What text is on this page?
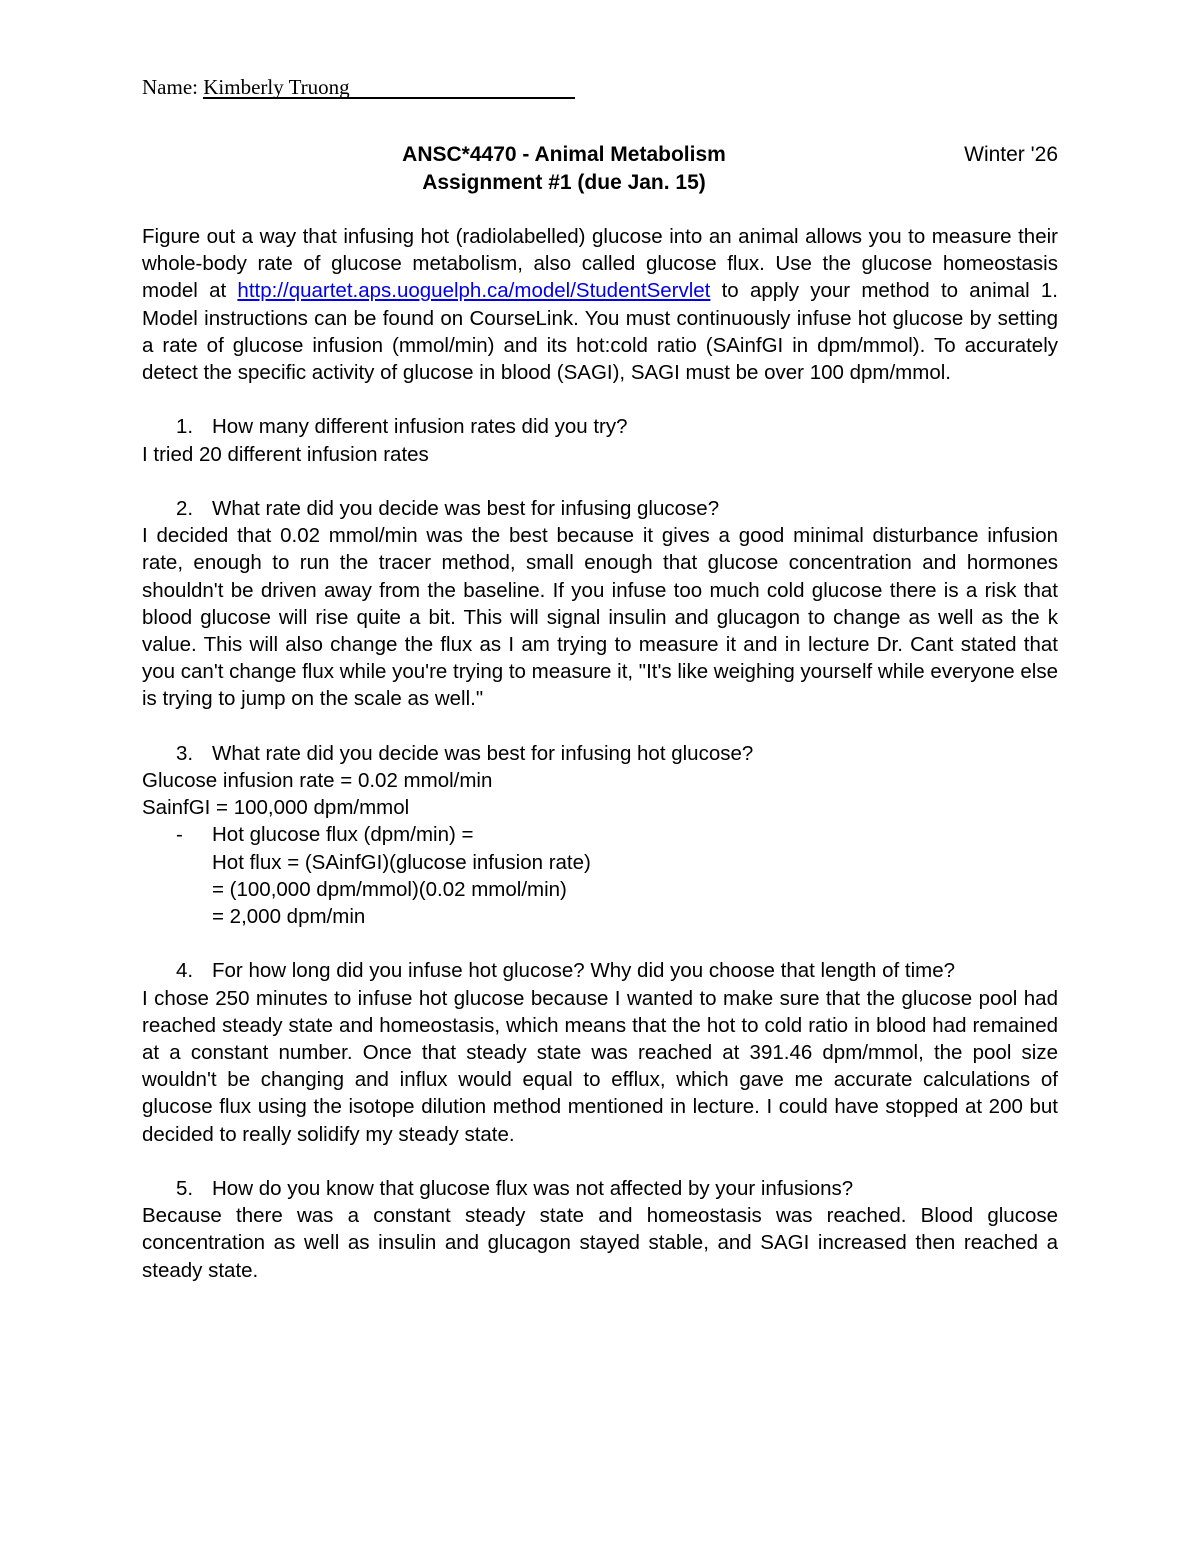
Name: Kimberly Truong
ANSC*4470 - Animal Metabolism	Winter '26
Assignment #1 (due Jan. 15)

Figure out a way that infusing hot (radiolabelled) glucose into an animal allows you to measure their whole-body rate of glucose metabolism, also called glucose flux. Use the glucose homeostasis model at http://quartet.aps.uoguelph.ca/model/StudentServlet to apply your method to animal 1. Model instructions can be found on CourseLink. You must continuously infuse hot glucose by setting a rate of glucose infusion (mmol/min) and its hot:cold ratio (SAinfGI in dpm/mmol). To accurately detect the specific activity of glucose in blood (SAGI), SAGI must be over 100 dpm/mmol.

1. How many different infusion rates did you try?

I tried 20 different infusion rates

2. What rate did you decide was best for infusing glucose?

I decided that 0.02 mmol/min was the best because it gives a good minimal disturbance infusion rate, enough to run the tracer method, small enough that glucose concentration and hormones shouldn't be driven away from the baseline. If you infuse too much cold glucose there is a risk that blood glucose will rise quite a bit. This will signal insulin and glucagon to change as well as the k value. This will also change the flux as I am trying to measure it and in lecture Dr. Cant stated that you can't change flux while you're trying to measure it, "It's like weighing yourself while everyone else is trying to jump on the scale as well."

3. What rate did you decide was best for infusing hot glucose?
Glucose infusion rate = 0.02 mmol/min
SainfGI = 100,000 dpm/mmol
-	Hot glucose flux (dpm/min) =
Hot flux = (SAinfGI)(glucose infusion rate)
= (100,000 dpm/mmol)(0.02 mmol/min)
= 2,000 dpm/min
4. For how long did you infuse hot glucose? Why did you choose that length of time?

I chose 250 minutes to infuse hot glucose because I wanted to make sure that the glucose pool had reached steady state and homeostasis, which means that the hot to cold ratio in blood had remained at a constant number. Once that steady state was reached at 391.46 dpm/mmol, the pool size wouldn't be changing and influx would equal to efflux, which gave me accurate calculations of glucose flux using the isotope dilution method mentioned in lecture. I could have stopped at 200 but decided to really solidify my steady state.

5. How do you know that glucose flux was not affected by your infusions?

Because there was a constant steady state and homeostasis was reached. Blood glucose concentration as well as insulin and glucagon stayed stable, and SAGI increased then reached a steady state.
